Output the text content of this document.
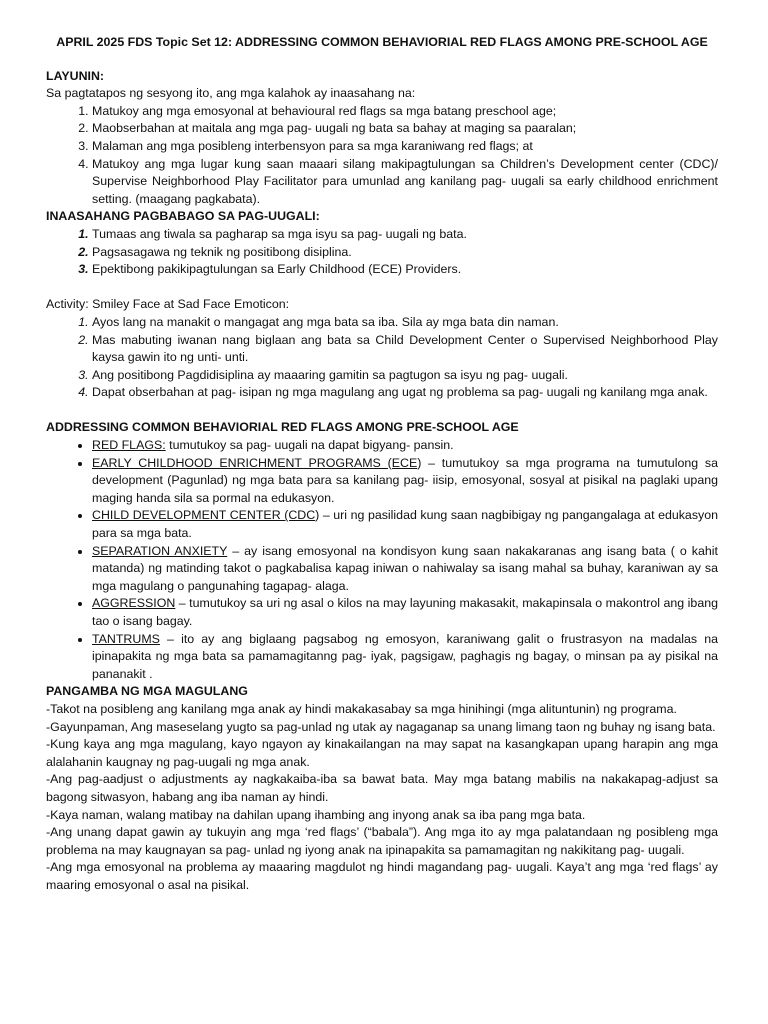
APRIL 2025 FDS Topic Set 12: ADDRESSING COMMON BEHAVIORIAL RED FLAGS AMONG PRE-SCHOOL AGE

LAYUNIN:

Sa pagtatapos ng sesyong ito, ang mga kalahok ay inaasahang na:

1. Matukoy ang mga emosyonal at behavioural red flags sa mga batang preschool age;
2. Maobserbahan at maitala ang mga pag- uugali ng bata sa bahay at maging sa paaralan;
3. Malaman ang mga posibleng interbensyon para sa mga karaniwang red flags; at
4. Matukoy ang mga lugar kung saan maaari silang makipagtulungan sa Children’s Development center (CDC)/ Supervise Neighborhood Play Facilitator para umunlad ang kanilang pag- uugali sa early childhood enrichment setting. (maagang pagkabata).

INAASAHANG PAGBABAGO SA PAG-UUGALI:

1. Tumaas ang tiwala sa pagharap sa mga isyu sa pag- uugali ng bata.
2. Pagsasagawa ng teknik ng positibong disiplina.
3. Epektibong pakikipagtulungan sa Early Childhood (ECE) Providers.

Activity: Smiley Face at Sad Face Emoticon:

1. Ayos lang na manakit o mangagat ang mga bata sa iba. Sila ay mga bata din naman.
2. Mas mabuting iwanan nang biglaan ang bata sa Child Development Center o Supervised Neighborhood Play kaysa gawin ito ng unti- unti.
3. Ang positibong Pagdidisiplina ay maaaring gamitin sa pagtugon sa isyu ng pag- uugali.
4. Dapat obserbahan at pag- isipan ng mga magulang ang ugat ng problema sa pag- uugali ng kanilang mga anak.

ADDRESSING COMMON BEHAVIORIAL RED FLAGS AMONG PRE-SCHOOL AGE

• RED FLAGS: tumutukoy sa pag- uugali na dapat bigyang- pansin.
• EARLY CHILDHOOD ENRICHMENT PROGRAMS (ECE) – tumutukoy sa mga programa na tumutulong sa development (Pagunlad) ng mga bata para sa kanilang pag- iisip, emosyonal, sosyal at pisikal na paglaki upang maging handa sila sa pormal na edukasyon.
• CHILD DEVELOPMENT CENTER (CDC) – uri ng pasilidad kung saan nagbibigay ng pangangalaga at edukasyon para sa mga bata.
• SEPARATION ANXIETY – ay isang emosyonal na kondisyon kung saan nakakaranas ang isang bata ( o kahit matanda) ng matinding takot o pagkabalisa kapag iniwan o nahiwalay sa isang mahal sa buhay, karaniwan ay sa mga magulang o pangunahing tagapag- alaga.
• AGGRESSION – tumutukoy sa uri ng asal o kilos na may layuning makasakit, makapinsala o makontrol ang ibang tao o isang bagay.
• TANTRUMS – ito ay ang biglaang pagsabog ng emosyon, karaniwang galit o frustrasyon na madalas na ipinapakita ng mga bata sa pamamagitanng pag- iyak, pagsigaw, paghagis ng bagay, o minsan pa ay pisikal na pananakit .

PANGAMBA NG MGA MAGULANG

-Takot na posibleng ang kanilang mga anak ay hindi makakasabay sa mga hinihingi (mga alituntunin) ng programa.

-Gayunpaman, Ang maseselang yugto sa pag-unlad ng utak ay nagaganap sa unang limang taon ng buhay ng isang bata.

-Kung kaya ang mga magulang, kayo ngayon ay kinakailangan na may sapat na kasangkapan upang harapin ang mga alalahanin kaugnay ng pag-uugali ng mga anak.

-Ang pag-aadjust o adjustments ay nagkakaiba-iba sa bawat bata. May mga batang mabilis na nakakapag-adjust sa bagong sitwasyon, habang ang iba naman ay hindi.

-Kaya naman, walang matibay na dahilan upang ihambing ang inyong anak sa iba pang mga bata.

-Ang unang dapat gawin ay tukuyin ang mga ‘red flags’ (“babala”). Ang mga ito ay mga palatandaan ng posibleng mga problema na may kaugnayan sa pag- unlad ng iyong anak na ipinapakita sa pamamagitan ng nakikitang pag- uugali.

-Ang mga emosyonal na problema ay maaaring magdulot ng hindi magandang pag- uugali. Kaya’t ang mga ‘red flags’ ay maaring emosyonal o asal na pisikal.
